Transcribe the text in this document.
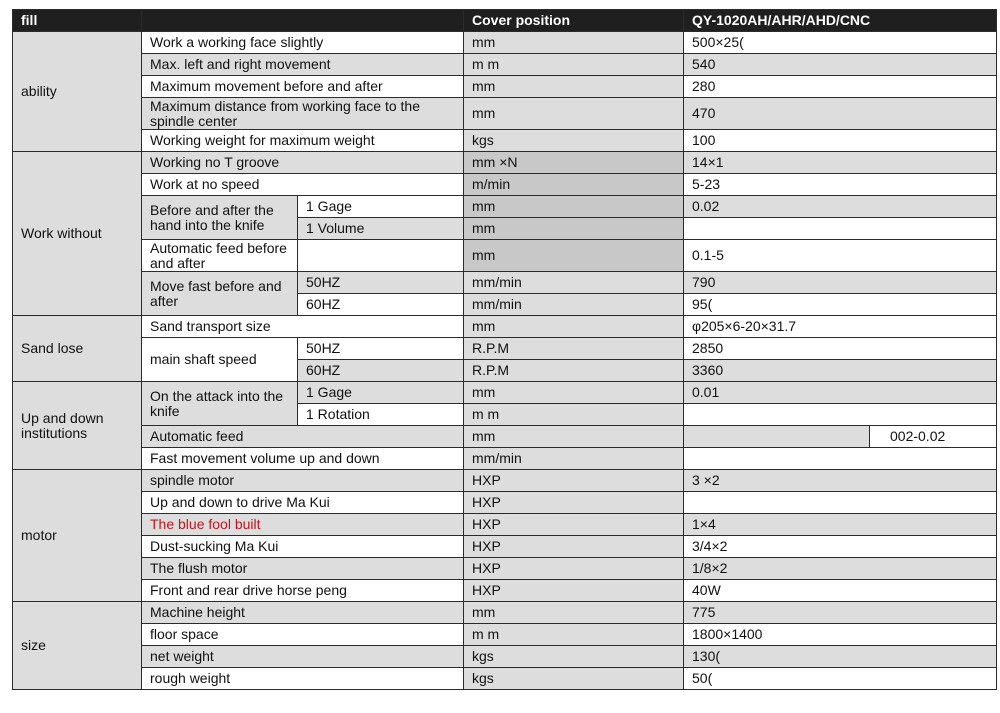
fill			Cover position	QY-1020AH/AHR/AHD/CNC	
ability	Work a working face slightly		mm	500×25(	
	Max. left and right movement		m m	540	
	Maximum movement before and after		mm	280	
	Maximum distance from working face to the spindle center		mm	470	
	Working weight for maximum weight		kgs	100	
Work without	Working no T groove		mm ×N	14×1	
	Work at no speed		m/min	5-23	
	Before and after the hand into the knife	1 Gage	mm	0.02	
		1 Volume	mm		
	Automatic feed before and after		mm	0.1-5	
	Move fast before and after	50HZ	mm/min	790	
		60HZ	mm/min	95(	
Sand lose	Sand transport size		mm	φ205×6-20×31.7	
	main shaft speed	50HZ	R.P.M	2850	
		60HZ	R.P.M	3360	
Up and down institutions	On the attack into the knife	1 Gage	mm	0.01	
		1 Rotation	m m		
	Automatic feed		mm		002-0.02
	Fast movement volume up and down		mm/min		
motor	spindle motor		HXP	3 ×2	
	Up and down to drive Ma Kui		HXP		
	The blue fool built		HXP	1×4	
	Dust-sucking Ma Kui		HXP	3/4×2	
	The flush motor		HXP	1/8×2	
	Front and rear drive horse peng		HXP	40W	
size	Machine height		mm	775	
	floor space		m m	1800×1400	
	net weight		kgs	130(	
	rough weight		kgs	50(	
